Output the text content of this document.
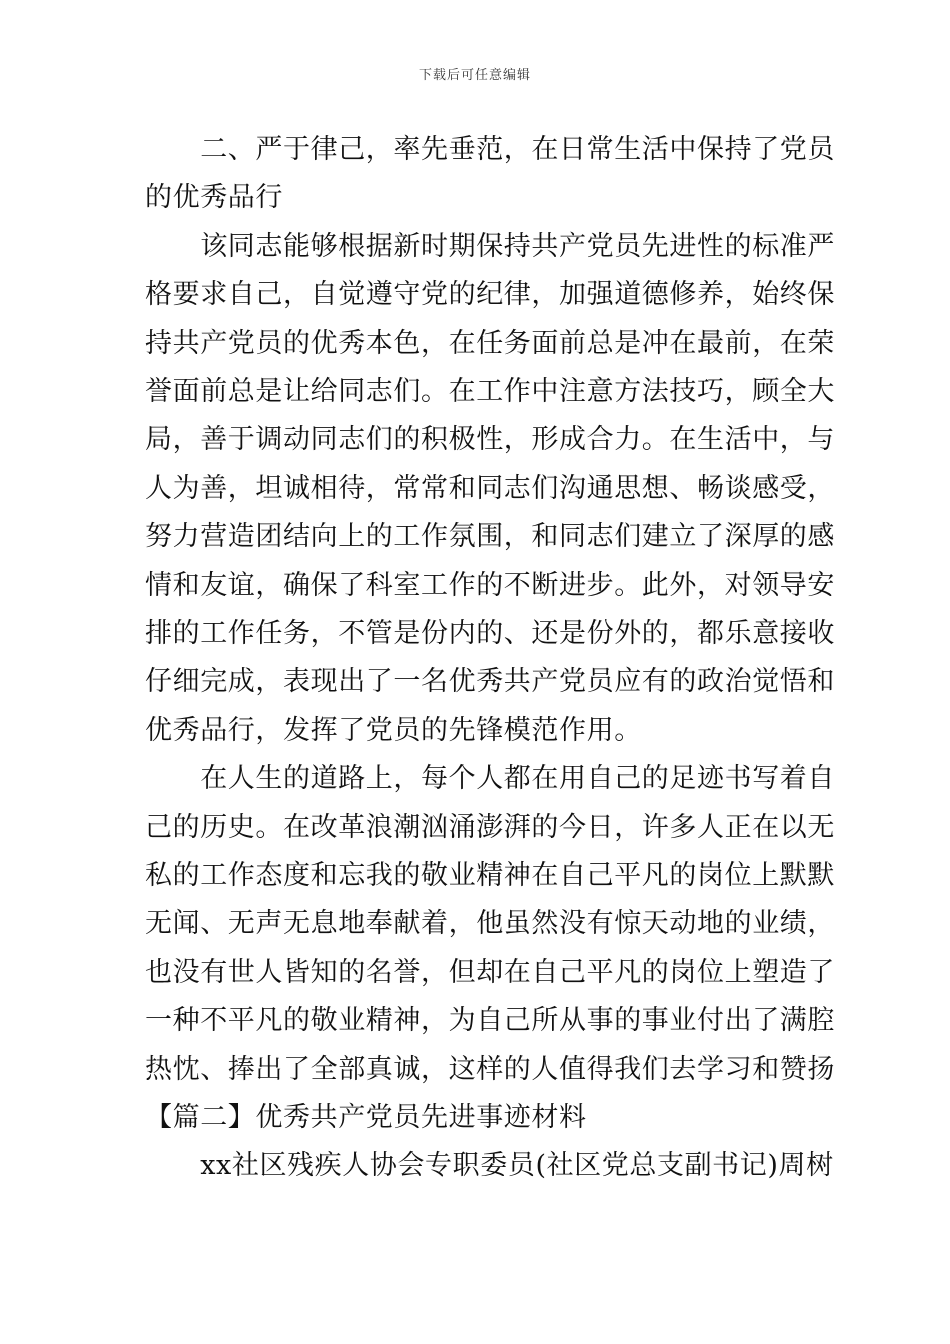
下载后可任意编辑
　　二、严于律己，率先垂范，在日常生活中保持了党员
的优秀品行
　　该同志能够根据新时期保持共产党员先进性的标准严
格要求自己，自觉遵守党的纪律，加强道德修养，始终保
持共产党员的优秀本色，在任务面前总是冲在最前，在荣
誉面前总是让给同志们。在工作中注意方法技巧，顾全大
局，善于调动同志们的积极性，形成合力。在生活中，与
人为善，坦诚相待，常常和同志们沟通思想、畅谈感受，
努力营造团结向上的工作氛围，和同志们建立了深厚的感
情和友谊，确保了科室工作的不断进步。此外，对领导安
排的工作任务，不管是份内的、还是份外的，都乐意接收
仔细完成，表现出了一名优秀共产党员应有的政治觉悟和
优秀品行，发挥了党员的先锋模范作用。
　　在人生的道路上，每个人都在用自己的足迹书写着自
己的历史。在改革浪潮汹涌澎湃的今日，许多人正在以无
私的工作态度和忘我的敬业精神在自己平凡的岗位上默默
无闻、无声无息地奉献着，他虽然没有惊天动地的业绩，
也没有世人皆知的名誉，但却在自己平凡的岗位上塑造了
一种不平凡的敬业精神，为自己所从事的事业付出了满腔
热忱、捧出了全部真诚，这样的人值得我们去学习和赞扬
【篇二】优秀共产党员先进事迹材料
　　xx社区残疾人协会专职委员(社区党总支副书记)周树
